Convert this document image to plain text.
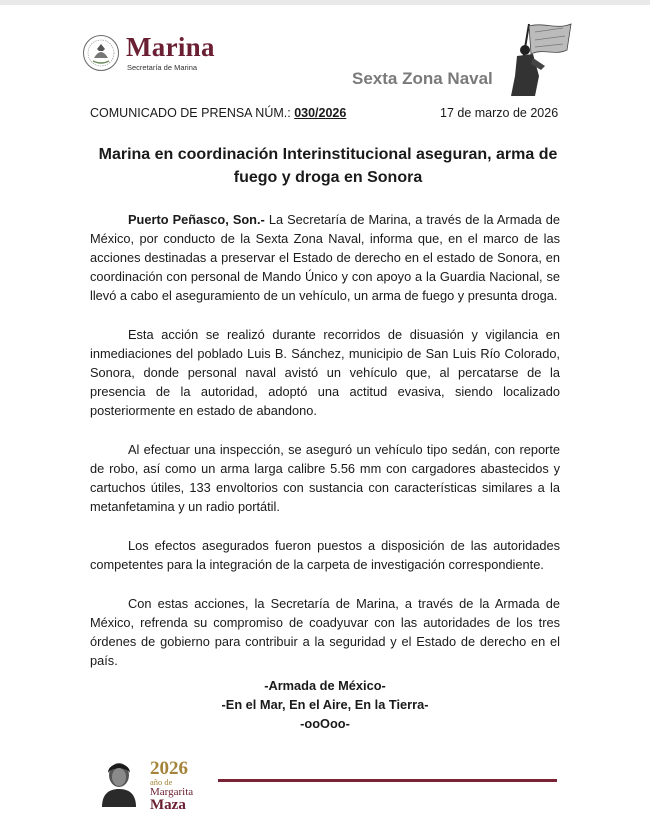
Marina
Secretaría de Marina
Sexta Zona Naval
COMUNICADO DE PRENSA NÚM.: 030/2026	17 de marzo de 2026
Marina en coordinación Interinstitucional aseguran, arma de fuego y droga en Sonora

Puerto Peñasco, Son.- La Secretaría de Marina, a través de la Armada de México, por conducto de la Sexta Zona Naval, informa que, en el marco de las acciones destinadas a preservar el Estado de derecho en el estado de Sonora, en coordinación con personal de Mando Único y con apoyo a la Guardia Nacional, se llevó a cabo el aseguramiento de un vehículo, un arma de fuego y presunta droga.

Esta acción se realizó durante recorridos de disuasión y vigilancia en inmediaciones del poblado Luis B. Sánchez, municipio de San Luis Río Colorado, Sonora, donde personal naval avistó un vehículo que, al percatarse de la presencia de la autoridad, adoptó una actitud evasiva, siendo localizado posteriormente en estado de abandono.

Al efectuar una inspección, se aseguró un vehículo tipo sedán, con reporte de robo, así como un arma larga calibre 5.56 mm con cargadores abastecidos y cartuchos útiles, 133 envoltorios con sustancia con características similares a la metanfetamina y un radio portátil.

Los efectos asegurados fueron puestos a disposición de las autoridades competentes para la integración de la carpeta de investigación correspondiente.

Con estas acciones, la Secretaría de Marina, a través de la Armada de México, refrenda su compromiso de coadyuvar con las autoridades de los tres órdenes de gobierno para contribuir a la seguridad y el Estado de derecho en el país.

-Armada de México-
-En el Mar, En el Aire, En la Tierra-
-ooOoo-
2026
año de
Margarita
Maza
